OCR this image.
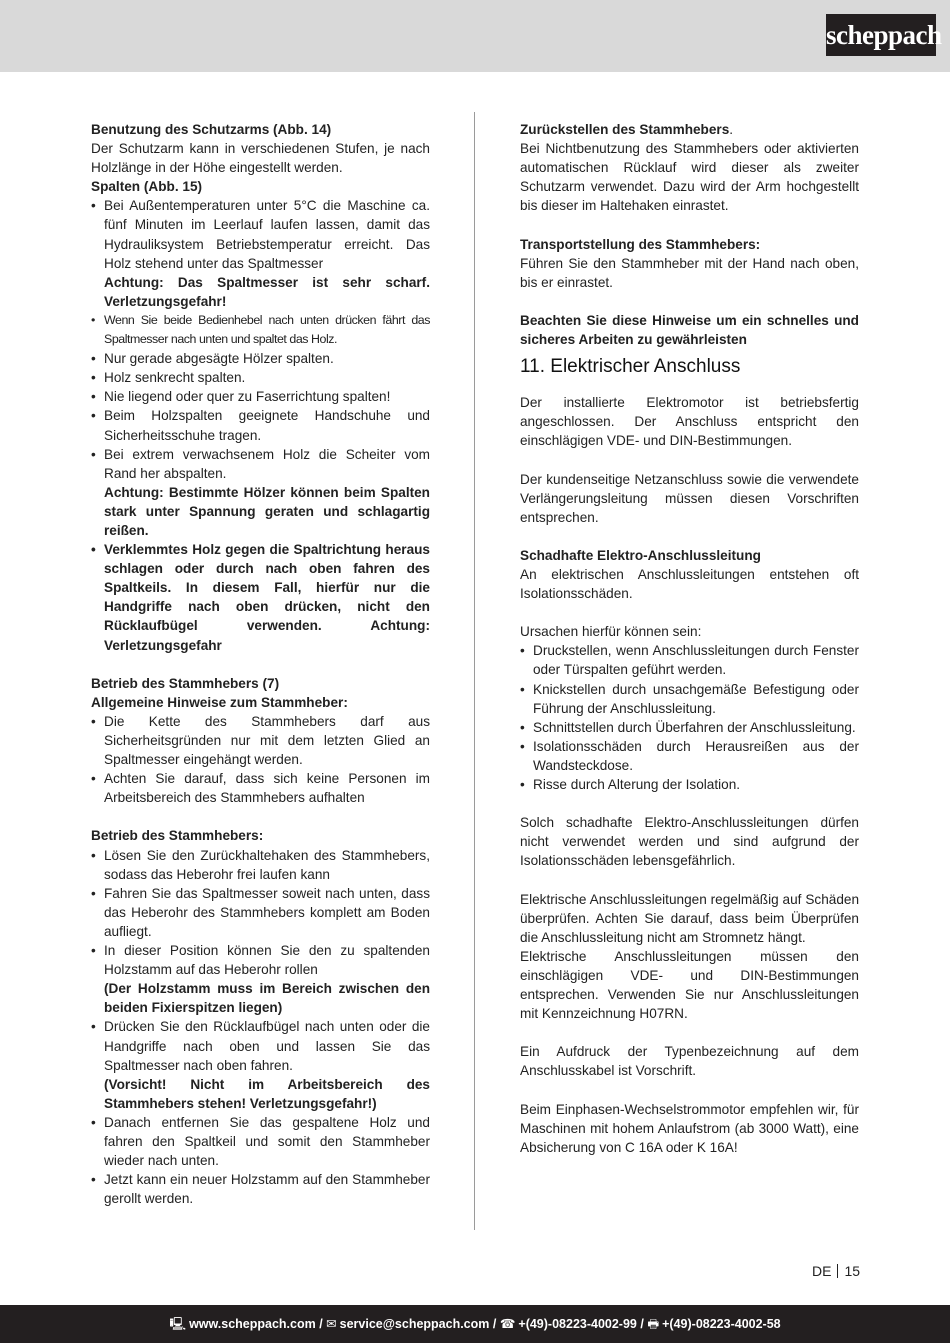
scheppach

Benutzung des Schutzarms (Abb. 14)

Der Schutzarm kann in verschiedenen Stufen, je nach Holzlänge in der Höhe eingestellt werden.

Spalten (Abb. 15)

• Bei Außentemperaturen unter 5°C die Maschine ca. fünf Minuten im Leerlauf laufen lassen, damit das Hydrauliksystem Betriebstemperatur erreicht. Das Holz stehend unter das Spaltmesser
Achtung: Das Spaltmesser ist sehr scharf. Verletzungsgefahr!
• Wenn Sie beide Bedienhebel nach unten drücken fährt das Spaltmesser nach unten und spaltet das Holz.
• Nur gerade abgesägte Hölzer spalten.
• Holz senkrecht spalten.
• Nie liegend oder quer zu Faserrichtung spalten!
• Beim Holzspalten geeignete Handschuhe und Sicherheitsschuhe tragen.
• Bei extrem verwachsenem Holz die Scheiter vom Rand her abspalten.
Achtung: Bestimmte Hölzer können beim Spalten stark unter Spannung geraten und schlagartig reißen.
• Verklemmtes Holz gegen die Spaltrichtung heraus schlagen oder durch nach oben fahren des Spaltkeils. In diesem Fall, hierfür nur die Handgriffe nach oben drücken, nicht den Rücklaufbügel verwenden. Achtung: Verletzungsgefahr

Betrieb des Stammhebers (7)

Allgemeine Hinweise zum Stammheber:

• Die Kette des Stammhebers darf aus Sicherheitsgründen nur mit dem letzten Glied an Spaltmesser eingehängt werden.
• Achten Sie darauf, dass sich keine Personen im Arbeitsbereich des Stammhebers aufhalten

Betrieb des Stammhebers:

• Lösen Sie den Zurückhaltehaken des Stammhebers, sodass das Heberohr frei laufen kann
• Fahren Sie das Spaltmesser soweit nach unten, dass das Heberohr des Stammhebers komplett am Boden aufliegt.
• In dieser Position können Sie den zu spaltenden Holzstamm auf das Heberohr rollen
(Der Holzstamm muss im Bereich zwischen den beiden Fixierspitzen liegen)
• Drücken Sie den Rücklaufbügel nach unten oder die Handgriffe nach oben und lassen Sie das Spaltmesser nach oben fahren.
(Vorsicht! Nicht im Arbeitsbereich des Stammhebers stehen! Verletzungsgefahr!)
• Danach entfernen Sie das gespaltene Holz und fahren den Spaltkeil und somit den Stammheber wieder nach unten.
• Jetzt kann ein neuer Holzstamm auf den Stammheber gerollt werden.

Zurückstellen des Stammhebers.

Bei Nichtbenutzung des Stammhebers oder aktivierten automatischen Rücklauf wird dieser als zweiter Schutzarm verwendet. Dazu wird der Arm hochgestellt bis dieser im Haltehaken einrastet.

Transportstellung des Stammhebers:

Führen Sie den Stammheber mit der Hand nach oben, bis er einrastet.

Beachten Sie diese Hinweise um ein schnelles und sicheres Arbeiten zu gewährleisten

11. Elektrischer Anschluss

Der installierte Elektromotor ist betriebsfertig angeschlossen. Der Anschluss entspricht den einschlägigen VDE- und DIN-Bestimmungen.

Der kundenseitige Netzanschluss sowie die verwendete Verlängerungsleitung müssen diesen Vorschriften entsprechen.

Schadhafte Elektro-Anschlussleitung

An elektrischen Anschlussleitungen entstehen oft Isolationsschäden.

Ursachen hierfür können sein:

• Druckstellen, wenn Anschlussleitungen durch Fenster oder Türspalten geführt werden.
• Knickstellen durch unsachgemäße Befestigung oder Führung der Anschlussleitung.
• Schnittstellen durch Überfahren der Anschlussleitung.
• Isolationsschäden durch Herausreißen aus der Wandsteckdose.
• Risse durch Alterung der Isolation.

Solch schadhafte Elektro-Anschlussleitungen dürfen nicht verwendet werden und sind aufgrund der Isolationsschäden lebensgefährlich.

Elektrische Anschlussleitungen regelmäßig auf Schäden überprüfen. Achten Sie darauf, dass beim Überprüfen die Anschlussleitung nicht am Stromnetz hängt.

Elektrische Anschlussleitungen müssen den einschlägigen VDE- und DIN-Bestimmungen entsprechen. Verwenden Sie nur Anschlussleitungen mit Kennzeichnung H07RN.

Ein Aufdruck der Typenbezeichnung auf dem Anschlusskabel ist Vorschrift.

Beim Einphasen-Wechselstrommotor empfehlen wir, für Maschinen mit hohem Anlaufstrom (ab 3000 Watt), eine Absicherung von C 16A oder K 16A!

DE 15
🖳 www.scheppach.com / ✉ service@scheppach.com / ☎ +(49)-08223-4002-99 / 🖶 +(49)-08223-4002-58
